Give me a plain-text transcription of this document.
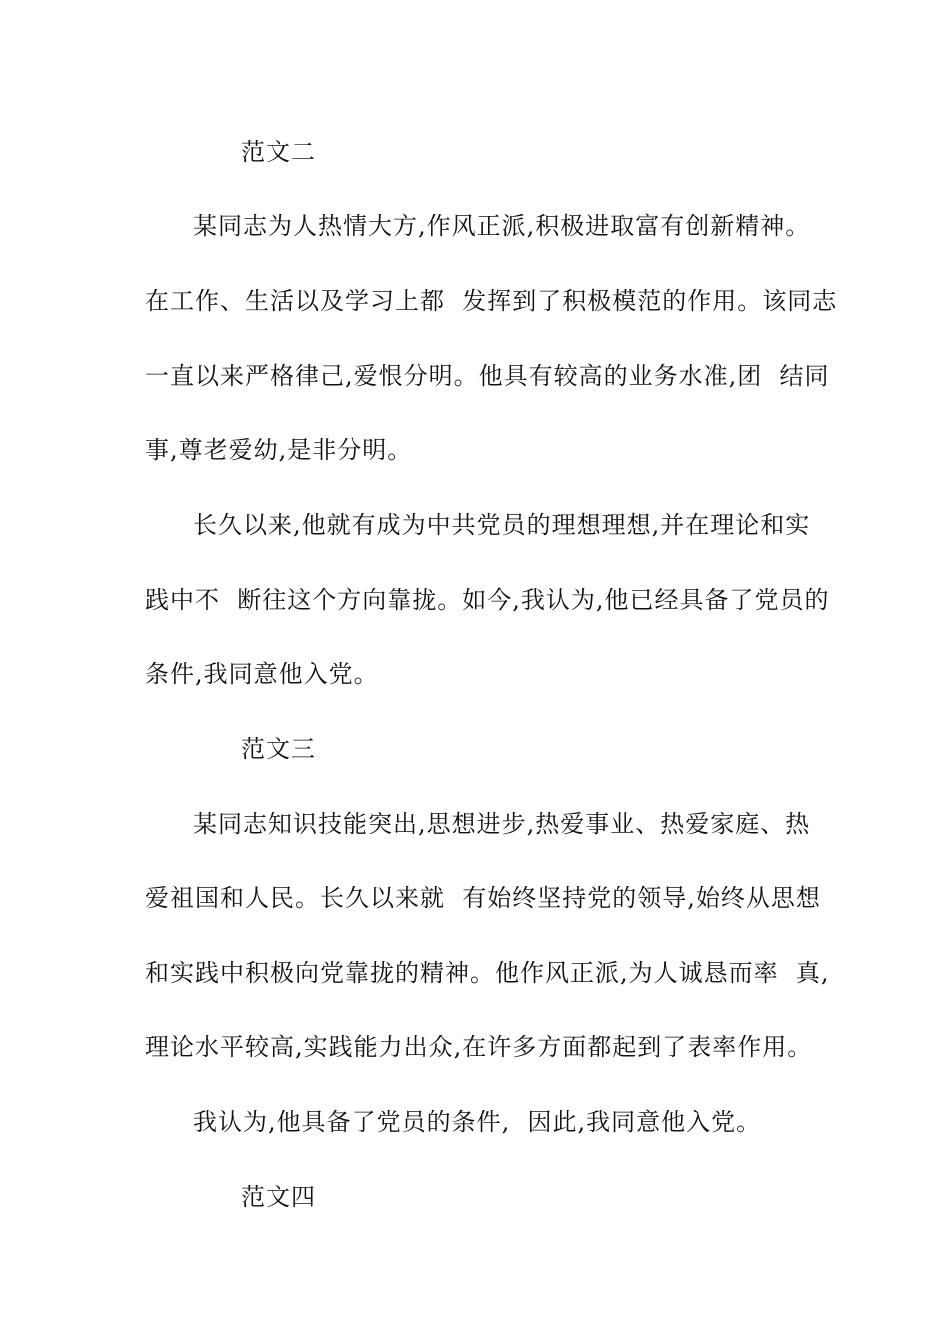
范文二
某同志为人热情大方,作风正派,积极进取富有创新精神。
在工作、生活以及学习上都  发挥到了积极模范的作用。该同志
一直以来严格律己,爱恨分明。他具有较高的业务水准,团  结同
事,尊老爱幼,是非分明。
长久以来,他就有成为中共党员的理想理想,并在理论和实
践中不  断往这个方向靠拢。如今,我认为,他已经具备了党员的
条件,我同意他入党。
范文三
某同志知识技能突出,思想进步,热爱事业、热爱家庭、热
爱祖国和人民。长久以来就  有始终坚持党的领导,始终从思想
和实践中积极向党靠拢的精神。他作风正派,为人诚恳而率  真,
理论水平较高,实践能力出众,在许多方面都起到了表率作用。
我认为,他具备了党员的条件,  因此,我同意他入党。
范文四
